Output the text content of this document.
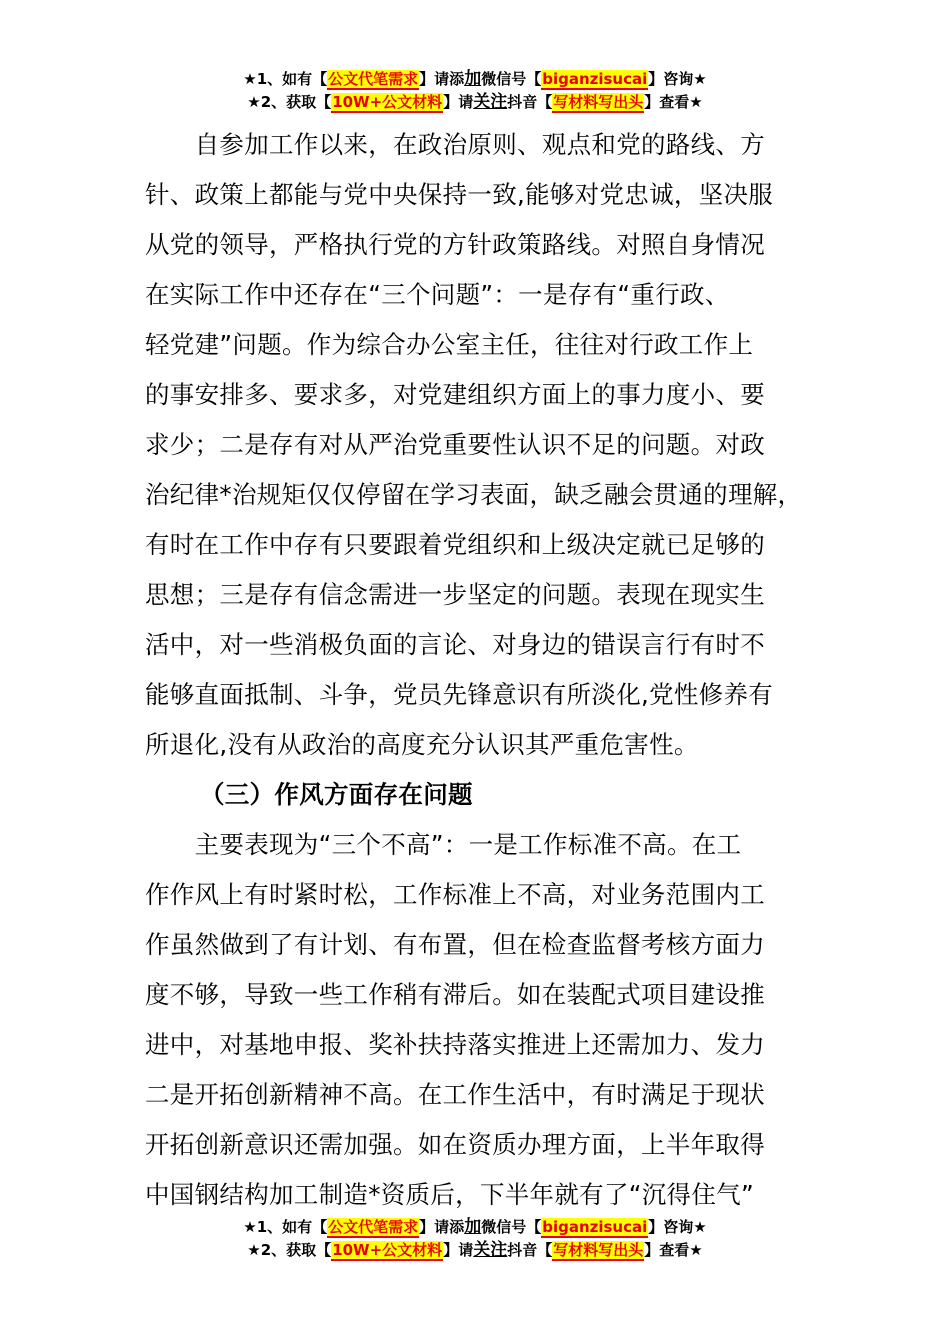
★1、如有【公文代笔需求】请添加微信号【biganzisucai】咨询★
★2、获取【10W+公文材料】请关注抖音【写材料写出头】查看★

　　自参加工作以来，在政治原则、观点和党的路线、方

针、政策上都能与党中央保持一致,能够对党忠诚，坚决服

从党的领导，严格执行党的方针政策路线。对照自身情况

在实际工作中还存在“三个问题”：一是存有“重行政、

轻党建”问题。作为综合办公室主任，往往对行政工作上

的事安排多、要求多，对党建组织方面上的事力度小、要

求少；二是存有对从严治党重要性认识不足的问题。对政

治纪律*治规矩仅仅停留在学习表面，缺乏融会贯通的理解，

有时在工作中存有只要跟着党组织和上级决定就已足够的

思想；三是存有信念需进一步坚定的问题。表现在现实生

活中，对一些消极负面的言论、对身边的错误言行有时不

能够直面抵制、斗争，党员先锋意识有所淡化,党性修养有

所退化,没有从政治的高度充分认识其严重危害性。

（三）作风方面存在问题

　　主要表现为“三个不高”：一是工作标准不高。在工

作作风上有时紧时松，工作标准上不高，对业务范围内工

作虽然做到了有计划、有布置，但在检查监督考核方面力

度不够，导致一些工作稍有滞后。如在装配式项目建设推

进中，对基地申报、奖补扶持落实推进上还需加力、发力

二是开拓创新精神不高。在工作生活中，有时满足于现状

开拓创新意识还需加强。如在资质办理方面，上半年取得

中国钢结构加工制造*资质后，下半年就有了“沉得住气”

★1、如有【公文代笔需求】请添加微信号【biganzisucai】咨询★
★2、获取【10W+公文材料】请关注抖音【写材料写出头】查看★
